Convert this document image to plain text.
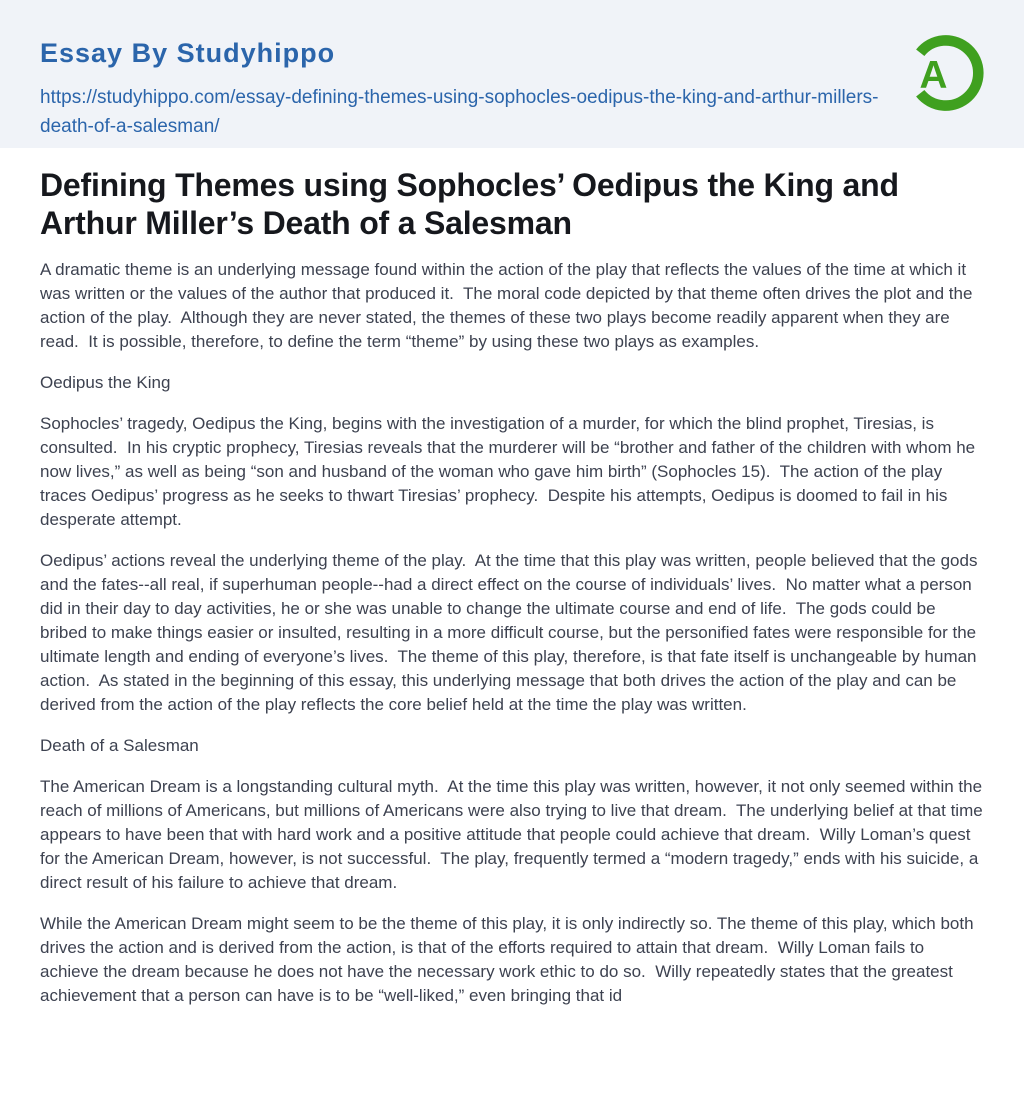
Essay By Studyhippo
https://studyhippo.com/essay-defining-themes-using-sophocles-oedipus-the-king-and-arthur-millers-death-of-a-salesman/
A
Defining Themes using Sophocles’ Oedipus the King and Arthur Miller’s Death of a Salesman

A dramatic theme is an underlying message found within the action of the play that reflects the values of the time at which it was written or the values of the author that produced it.  The moral code depicted by that theme often drives the plot and the action of the play.  Although they are never stated, the themes of these two plays become readily apparent when they are read.  It is possible, therefore, to define the term “theme” by using these two plays as examples.

Oedipus the King

Sophocles’ tragedy, Oedipus the King, begins with the investigation of a murder, for which the blind prophet, Tiresias, is consulted.  In his cryptic prophecy, Tiresias reveals that the murderer will be “brother and father of the children with whom he now lives,” as well as being “son and husband of the woman who gave him birth” (Sophocles 15).  The action of the play traces Oedipus’ progress as he seeks to thwart Tiresias’ prophecy.  Despite his attempts, Oedipus is doomed to fail in his desperate attempt.

Oedipus’ actions reveal the underlying theme of the play.  At the time that this play was written, people believed that the gods and the fates--all real, if superhuman people--had a direct effect on the course of individuals’ lives.  No matter what a person did in their day to day activities, he or she was unable to change the ultimate course and end of life.  The gods could be bribed to make things easier or insulted, resulting in a more difficult course, but the personified fates were responsible for the ultimate length and ending of everyone’s lives.  The theme of this play, therefore, is that fate itself is unchangeable by human action.  As stated in the beginning of this essay, this underlying message that both drives the action of the play and can be derived from the action of the play reflects the core belief held at the time the play was written.

Death of a Salesman

The American Dream is a longstanding cultural myth.  At the time this play was written, however, it not only seemed within the reach of millions of Americans, but millions of Americans were also trying to live that dream.  The underlying belief at that time appears to have been that with hard work and a positive attitude that people could achieve that dream.  Willy Loman’s quest for the American Dream, however, is not successful.  The play, frequently termed a “modern tragedy,” ends with his suicide, a direct result of his failure to achieve that dream.

While the American Dream might seem to be the theme of this play, it is only indirectly so. The theme of this play, which both drives the action and is derived from the action, is that of the efforts required to attain that dream.  Willy Loman fails to achieve the dream because he does not have the necessary work ethic to do so.  Willy repeatedly states that the greatest achievement that a person can have is to be “well-liked,” even bringing that id
